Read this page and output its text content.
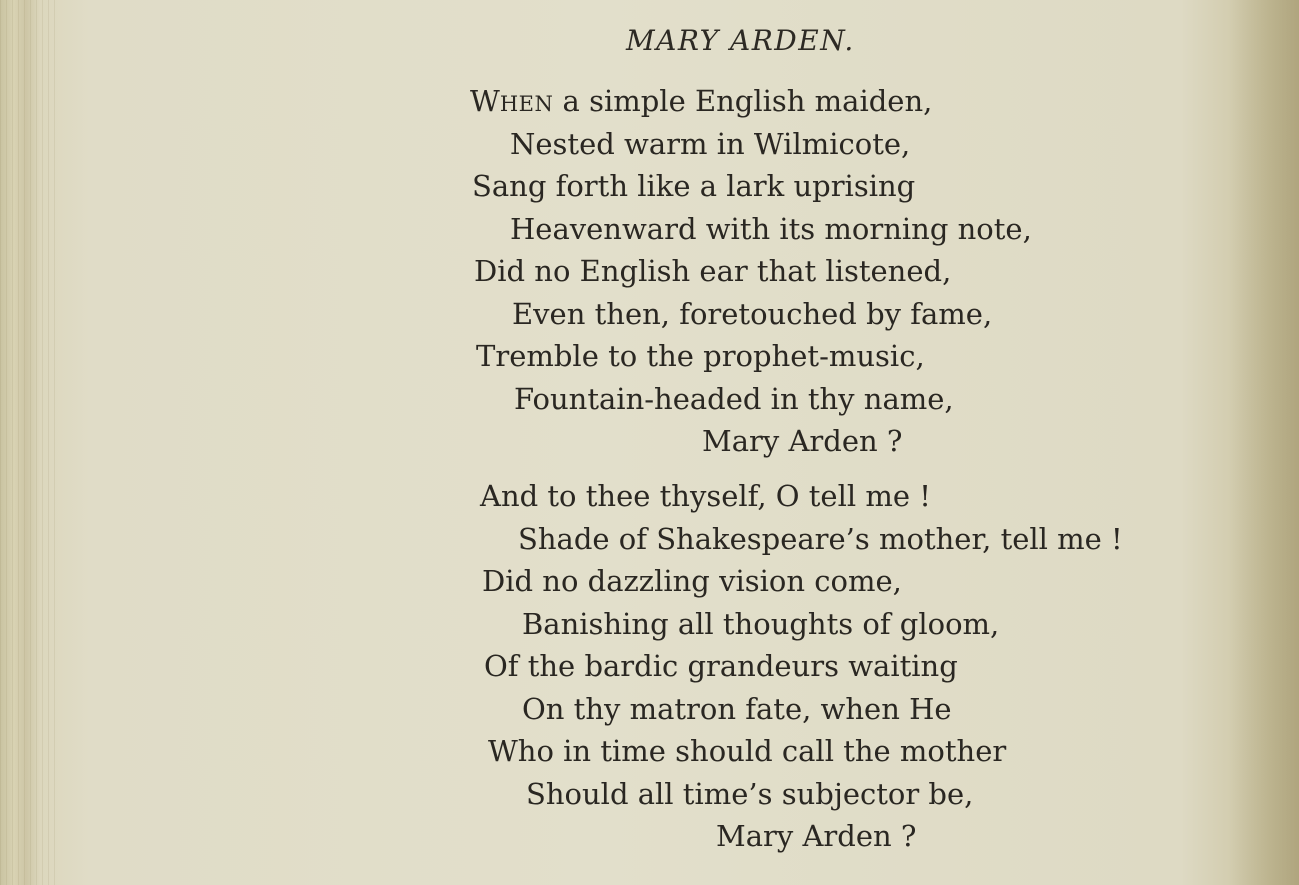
MARY ARDEN.
WHEN a simple English maiden,
Nested warm in Wilmicote,
Sang forth like a lark uprising
Heavenward with its morning note,
Did no English ear that listened,
Even then, foretouched by fame,
Tremble to the prophet-music,
Fountain-headed in thy name,
Mary Arden ?
And to thee thyself, O tell me !
Shade of Shakespeare’s mother, tell me !
Did no dazzling vision come,
Banishing all thoughts of gloom,
Of the bardic grandeurs waiting
On thy matron fate, when He
Who in time should call the mother
Should all time’s subjector be,
Mary Arden ?
